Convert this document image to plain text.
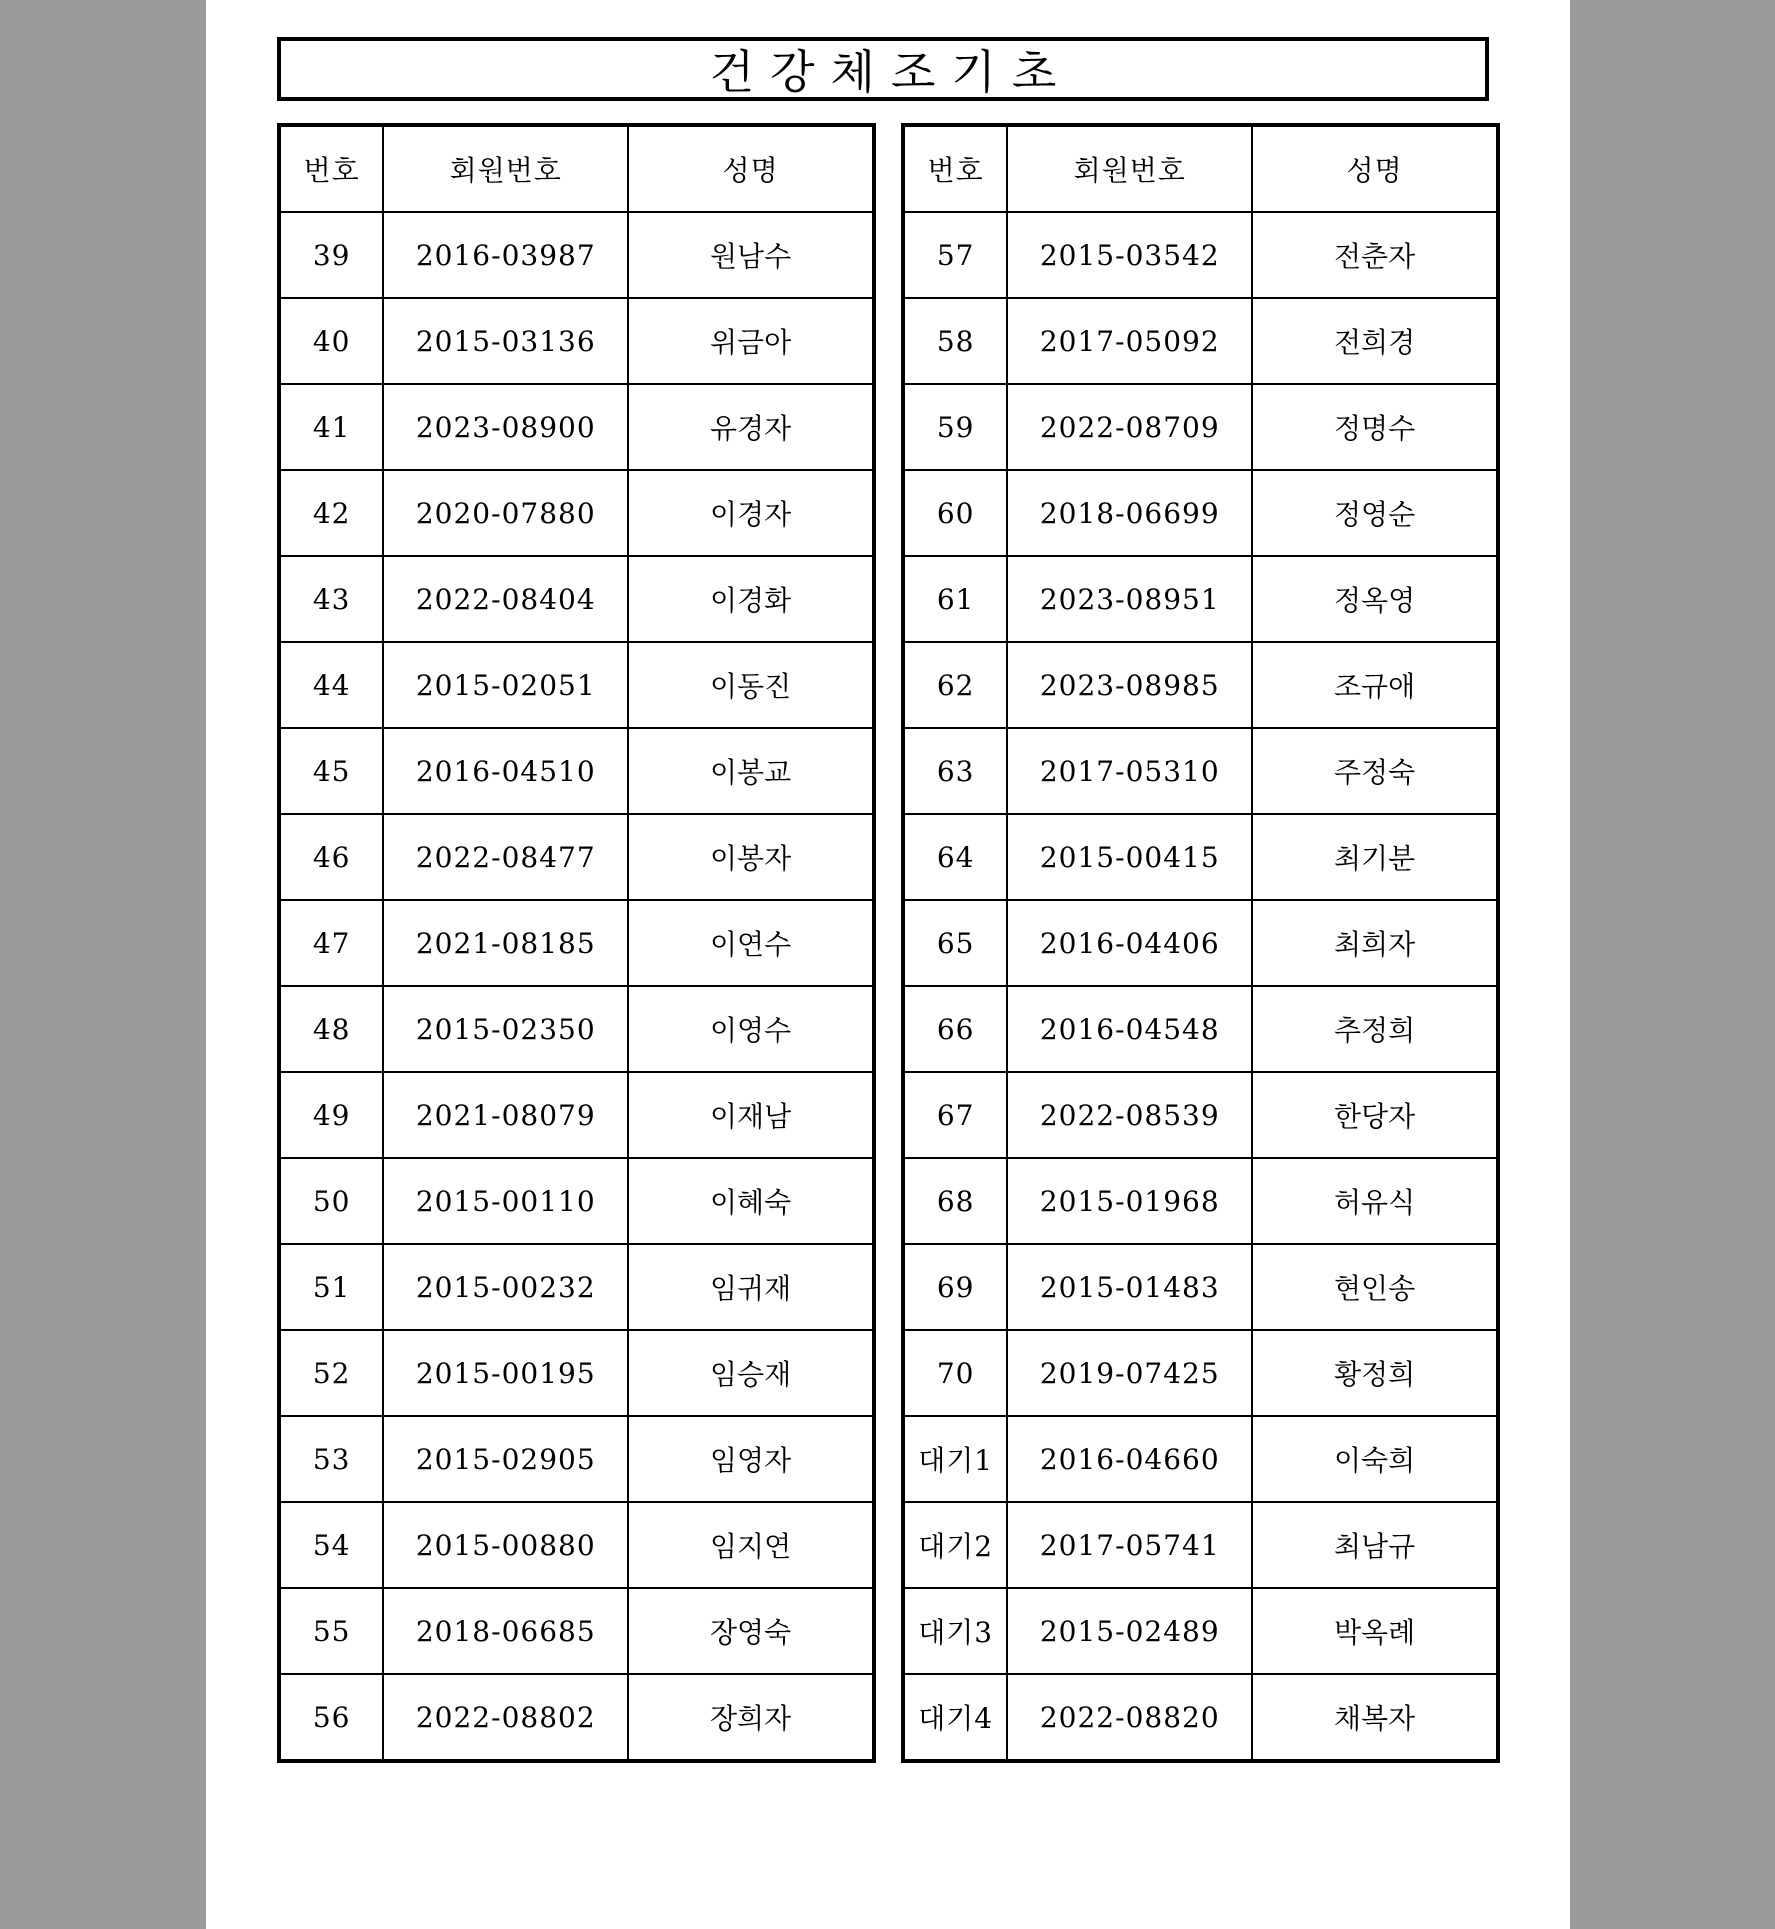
건강체조기초
번호	회원번호	성명
39	2016-03987	원남수
40	2015-03136	위금아
41	2023-08900	유경자
42	2020-07880	이경자
43	2022-08404	이경화
44	2015-02051	이동진
45	2016-04510	이봉교
46	2022-08477	이봉자
47	2021-08185	이연수
48	2015-02350	이영수
49	2021-08079	이재남
50	2015-00110	이혜숙
51	2015-00232	임귀재
52	2015-00195	임승재
53	2015-02905	임영자
54	2015-00880	임지연
55	2018-06685	장영숙
56	2022-08802	장희자
번호	회원번호	성명
57	2015-03542	전춘자
58	2017-05092	전희경
59	2022-08709	정명수
60	2018-06699	정영순
61	2023-08951	정옥영
62	2023-08985	조규애
63	2017-05310	주정숙
64	2015-00415	최기분
65	2016-04406	최희자
66	2016-04548	추정희
67	2022-08539	한당자
68	2015-01968	허유식
69	2015-01483	현인송
70	2019-07425	황정희
대기1	2016-04660	이숙희
대기2	2017-05741	최남규
대기3	2015-02489	박옥례
대기4	2022-08820	채복자
